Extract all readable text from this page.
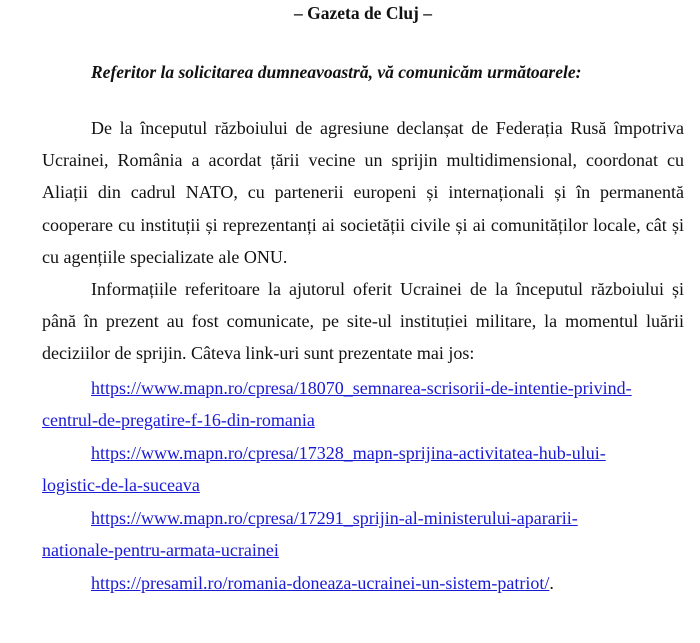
– Gazeta de Cluj –
Referitor la solicitarea dumneavoastră, vă comunicăm următoarele:

De la începutul războiului de agresiune declanșat de Federația Rusă împotriva Ucrainei, România a acordat țării vecine un sprijin multidimensional, coordonat cu Aliații din cadrul NATO, cu partenerii europeni și internaționali și în permanentă cooperare cu instituții și reprezentanți ai societății civile și ai comunităților locale, cât și cu agențiile specializate ale ONU.

Informațiile referitoare la ajutorul oferit Ucrainei de la începutul războiului și până în prezent au fost comunicate, pe site-ul instituției militare, la momentul luării deciziilor de sprijin. Câteva link-uri sunt prezentate mai jos:

https://www.mapn.ro/cpresa/18070_semnarea-scrisorii-de-intentie-privind-
centrul-de-pregatire-f-16-din-romania
https://www.mapn.ro/cpresa/17328_mapn-sprijina-activitatea-hub-ului-
logistic-de-la-suceava
https://www.mapn.ro/cpresa/17291_sprijin-al-ministerului-apararii-
nationale-pentru-armata-ucrainei
https://presamil.ro/romania-doneaza-ucrainei-un-sistem-patriot/.
